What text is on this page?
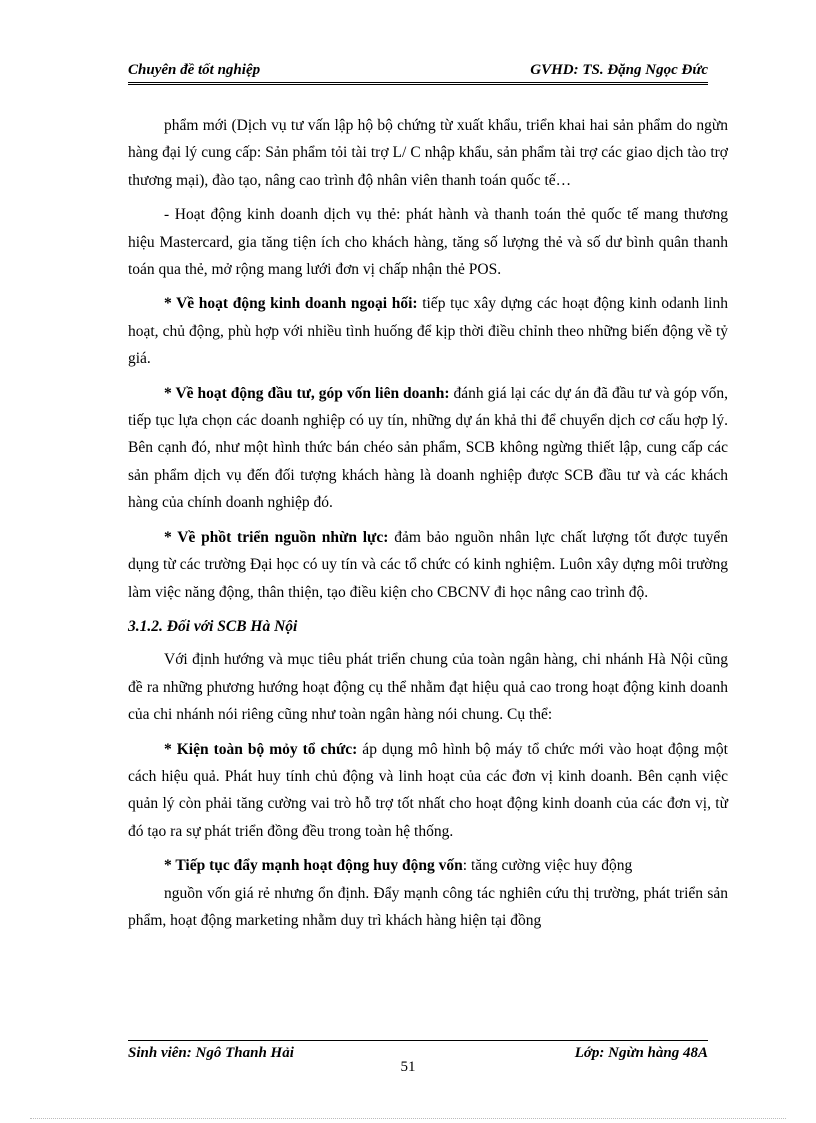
Chuyên đề tốt nghiệp	GVHD: TS. Đặng Ngọc Đức

phẩm mới (Dịch vụ tư vấn lập hộ bộ chứng từ xuất khẩu, triển khai hai sản phẩm do ngừn hàng đại lý cung cấp: Sản phẩm tỏi tài trợ L/ C nhập khẩu, sản phẩm tài trợ các giao dịch tào trợ thương mại), đào tạo, nâng cao trình độ nhân viên thanh toán quốc tế…

- Hoạt động kinh doanh dịch vụ thẻ: phát hành và thanh toán thẻ quốc tế mang thương hiệu Mastercard, gia tăng tiện ích cho khách hàng, tăng số lượng thẻ và số dư bình quân thanh toán qua thẻ, mở rộng mang lưới đơn vị chấp nhận thẻ POS.

* Về hoạt động kinh doanh ngoại hối: tiếp tục xây dựng các hoạt động kinh odanh linh hoạt, chủ động, phù hợp với nhiều tình huống để kịp thời điều chỉnh theo những biến động về tỷ giá.

* Về hoạt động đầu tư, góp vốn liên doanh: đánh giá lại các dự án đã đầu tư và góp vốn, tiếp tục lựa chọn các doanh nghiệp có uy tín, những dự án khả thi để chuyển dịch cơ cấu hợp lý. Bên cạnh đó, như một hình thức bán chéo sản phẩm, SCB không ngừng thiết lập, cung cấp các sản phẩm dịch vụ đến đối tượng khách hàng là doanh nghiệp được SCB đầu tư và các khách hàng của chính doanh nghiệp đó.

* Về phồt triển nguồn nhừn lực: đảm bảo nguồn nhân lực chất lượng tốt được tuyển dụng từ các trường Đại học có uy tín và các tổ chức có kinh nghiệm. Luôn xây dựng môi trường làm việc năng động, thân thiện, tạo điều kiện cho CBCNV đi học nâng cao trình độ.

3.1.2. Đối với SCB Hà Nội

Với định hướng và mục tiêu phát triển chung của toàn ngân hàng, chi nhánh Hà Nội cũng đề ra những phương hướng hoạt động cụ thể nhằm đạt hiệu quả cao trong hoạt động kinh doanh của chi nhánh nói riêng cũng như toàn ngân hàng nói chung. Cụ thể:

* Kiện toàn bộ mỏy tổ chức: áp dụng mô hình bộ máy tổ chức mới vào hoạt động một cách hiệu quả. Phát huy tính chủ động và linh hoạt của các đơn vị kinh doanh. Bên cạnh việc quản lý còn phải tăng cường vai trò hỗ trợ tốt nhất cho hoạt động kinh doanh của các đơn vị, từ đó tạo ra sự phát triển đồng đều trong toàn hệ thống.

* Tiếp tục đẩy mạnh hoạt động huy động vốn: tăng cường việc huy động

nguồn vốn giá rẻ nhưng ổn định. Đẩy mạnh công tác nghiên cứu thị trường, phát triển sản phẩm, hoạt động marketing nhằm duy trì khách hàng hiện tại đồng

Sinh viên: Ngô Thanh Hải	Lớp: Ngừn hàng 48A
51
